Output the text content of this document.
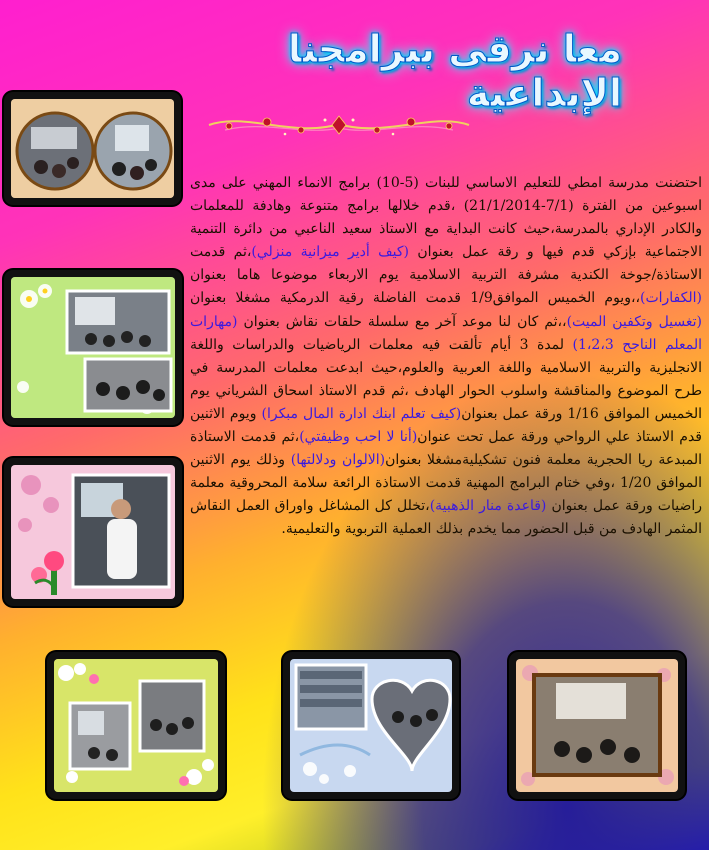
معا نرقى ببرامجنا الإبداعية
احتضنت مدرسة امطي للتعليم الاساسي للبنات (5-10) برامج الانماء المهني على مدى اسبوعين من الفترة (7/1-21/1/2014) ،قدم خلالها برامج متنوعة وهادفة للمعلمات والكادر الإداري بالمدرسة،حيث كانت البداية مع الاستاذ سعيد الناعبي من دائرة التنمية الاجتماعية بإزكي قدم فيها و رقة عمل بعنوان (كيف أدير ميزانية منزلي)،ثم قدمت الاستاذة/جوخة الكندية مشرفة التربية الاسلامية يوم الاربعاء موضوعا هاما بعنوان (الكفارات)،،ويوم الخميس الموافق1/9 قدمت الفاضلة رقية الدرمكية مشغلا بعنوان (تغسيل وتكفين الميت)،،ثم كان لنا موعد آخر مع سلسلة حلقات نقاش بعنوان (مهارات المعلم الناجح 1،2،3) لمدة 3 أيام تألقت فيه معلمات الرياضيات والدراسات واللغة الانجليزية والتربية الاسلامية واللغة العربية والعلوم،حيث ابدعت معلمات المدرسة في طرح الموضوع والمناقشة واسلوب الحوار الهادف ،ثم قدم الاستاذ اسحاق الشرياني يوم الخميس الموافق 1/16 ورقة عمل بعنوان(كيف تعلم ابنك ادارة المال مبكرا) ويوم الاثنين قدم الاستاذ علي الرواحي ورقة عمل تحت عنوان(أنا لا احب وظيفتي)،ثم قدمت الاستاذة المبدعة ريا الحجرية معلمة فنون تشكيليةمشغلا بعنوان(الالوان ودلالتها) وذلك يوم الاثنين الموافق 1/20 ،وفي ختام البرامج المهنية قدمت الاستاذة الرائعة سلامة المحروقية معلمة راضيات ورقة عمل بعنوان (قاعدة منار الذهبية)،تخلل كل المشاغل واوراق العمل النقاش المثمر الهادف من قبل الحضور مما يخدم بذلك العملية التربوية والتعليمية.
